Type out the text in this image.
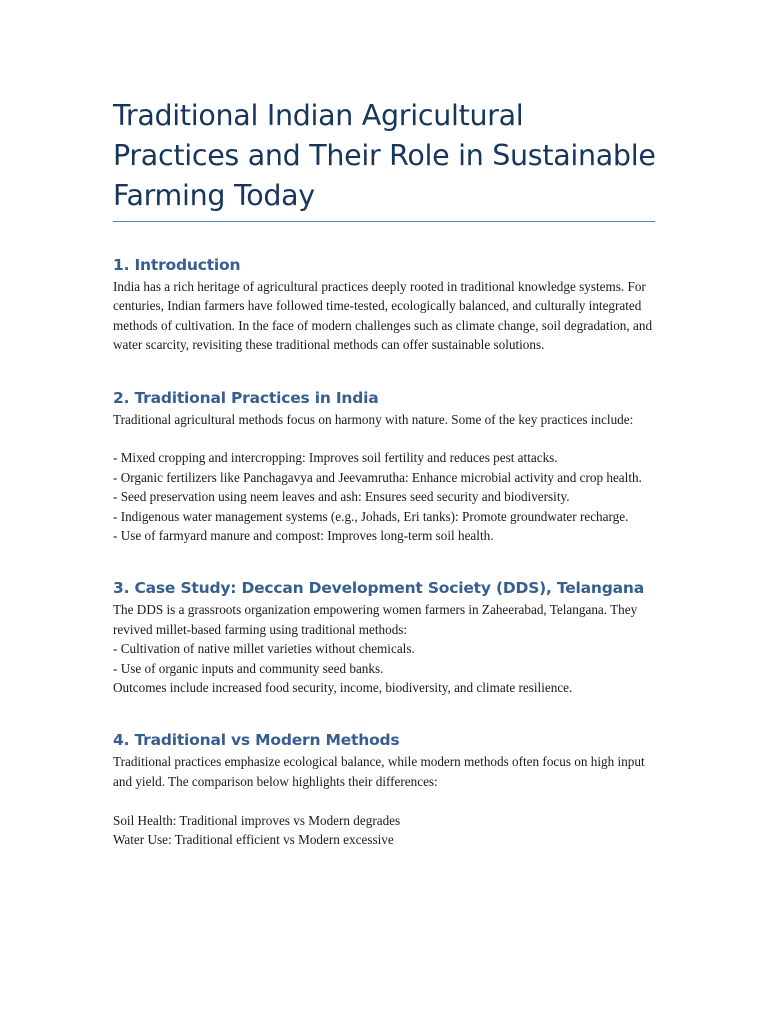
Traditional Indian Agricultural Practices and Their Role in Sustainable Farming Today
1. Introduction

India has a rich heritage of agricultural practices deeply rooted in traditional knowledge systems. For centuries, Indian farmers have followed time-tested, ecologically balanced, and culturally integrated methods of cultivation. In the face of modern challenges such as climate change, soil degradation, and water scarcity, revisiting these traditional methods can offer sustainable solutions.

2. Traditional Practices in India

Traditional agricultural methods focus on harmony with nature. Some of the key practices include:

- Mixed cropping and intercropping: Improves soil fertility and reduces pest attacks.

- Organic fertilizers like Panchagavya and Jeevamrutha: Enhance microbial activity and crop health.

- Seed preservation using neem leaves and ash: Ensures seed security and biodiversity.

- Indigenous water management systems (e.g., Johads, Eri tanks): Promote groundwater recharge.

- Use of farmyard manure and compost: Improves long-term soil health.

3. Case Study: Deccan Development Society (DDS), Telangana

The DDS is a grassroots organization empowering women farmers in Zaheerabad, Telangana. They revived millet-based farming using traditional methods:

- Cultivation of native millet varieties without chemicals.

- Use of organic inputs and community seed banks.

Outcomes include increased food security, income, biodiversity, and climate resilience.

4. Traditional vs Modern Methods

Traditional practices emphasize ecological balance, while modern methods often focus on high input and yield. The comparison below highlights their differences:

Soil Health: Traditional improves vs Modern degrades

Water Use: Traditional efficient vs Modern excessive
